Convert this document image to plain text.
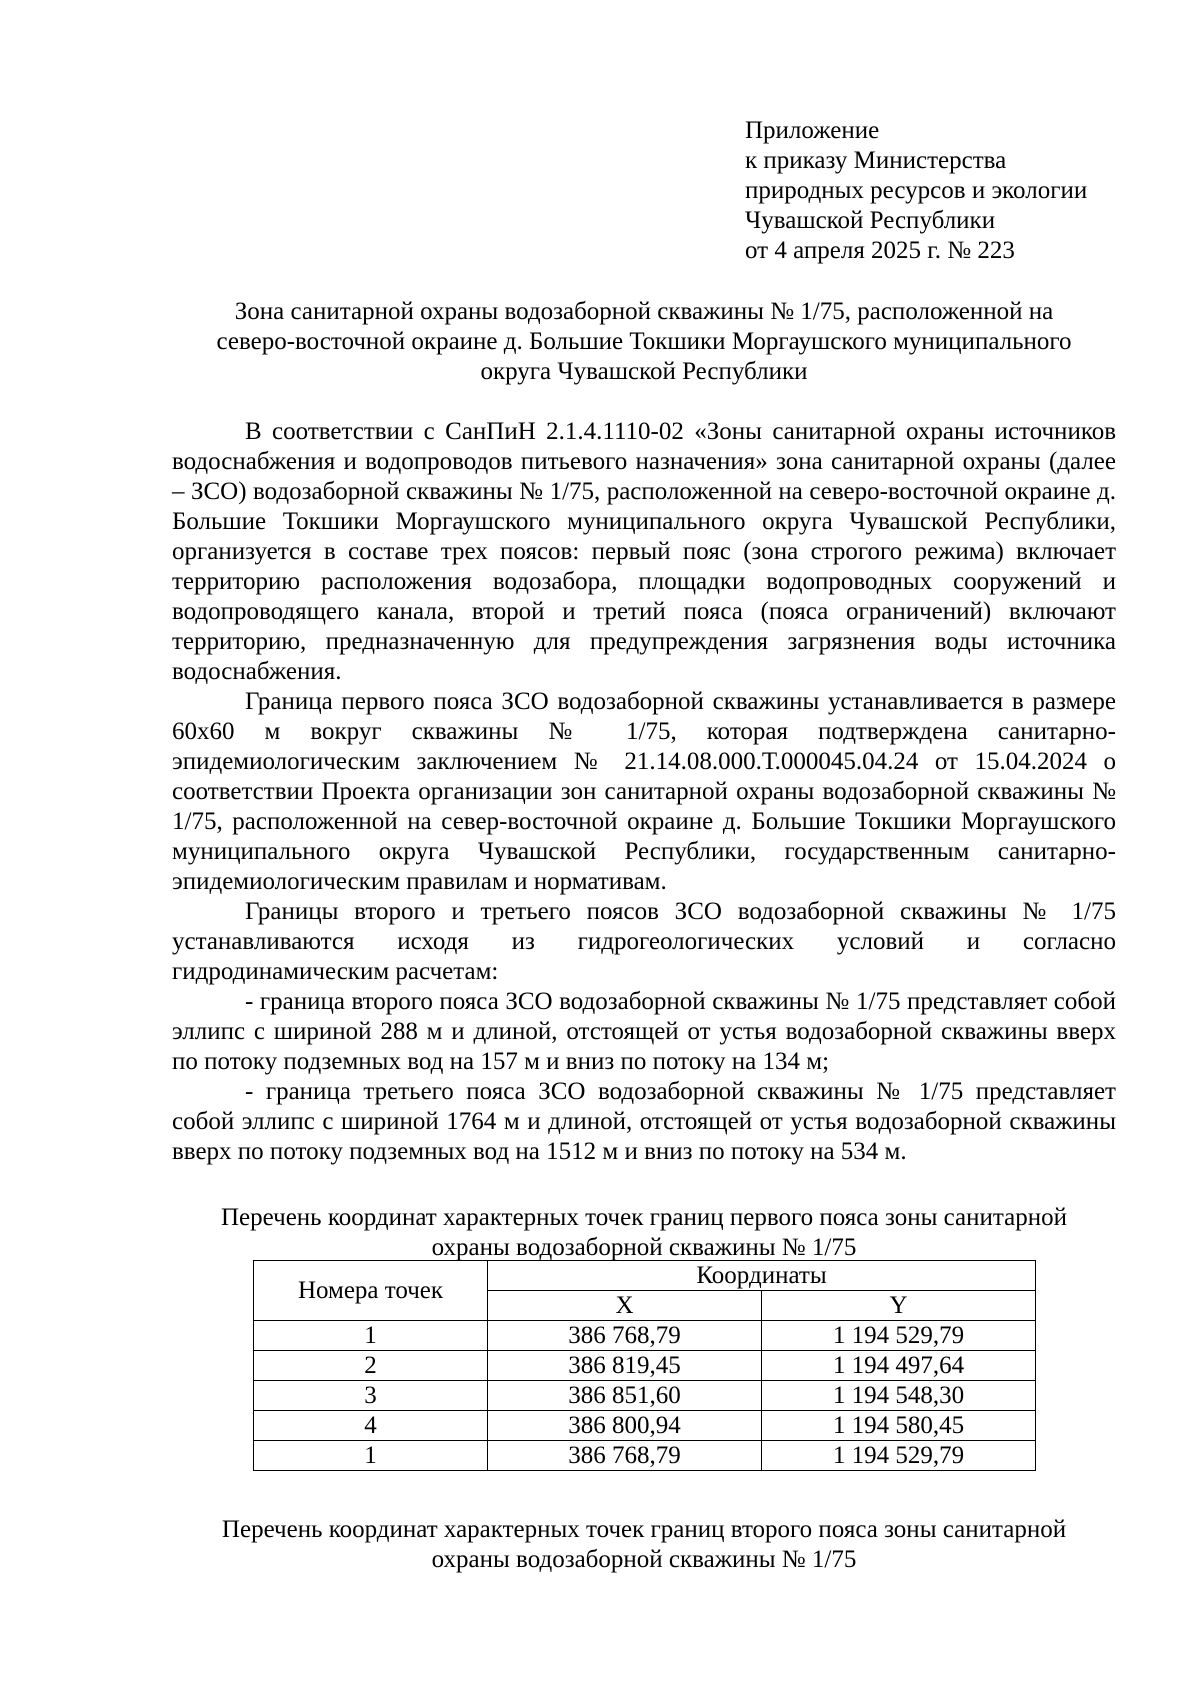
Приложение
к приказу Министерства
природных ресурсов и экологии
Чувашской Республики
от 4 апреля 2025 г. № 223
Зона санитарной охраны водозаборной скважины № 1/75, расположенной на
северо-восточной окраине д. Большие Токшики Моргаушского муниципального
округа Чувашской Республики

В соответствии с СанПиН 2.1.4.1110-02 «Зоны санитарной охраны источников водоснабжения и водопроводов питьевого назначения» зона санитарной охраны (далее – ЗСО) водозаборной скважины № 1/75, расположенной на северо-восточной окраине д. Большие Токшики Моргаушского муниципального округа Чувашской Республики, организуется в составе трех поясов: первый пояс (зона строгого режима) включает территорию расположения водозабора, площадки водопроводных сооружений и водопроводящего канала, второй и третий пояса (пояса ограничений) включают территорию, предназначенную для предупреждения загрязнения воды источника водоснабжения.

Граница первого пояса ЗСО водозаборной скважины устанавливается в размере 60х60 м вокруг скважины № 1/75, которая подтверждена санитарно-эпидемиологическим заключением № 21.14.08.000.Т.000045.04.24 от 15.04.2024 о соответствии Проекта организации зон санитарной охраны водозаборной скважины № 1/75, расположенной на север-восточной окраине д. Большие Токшики Моргаушского муниципального округа Чувашской Республики, государственным санитарно-эпидемиологическим правилам и нормативам.

Границы второго и третьего поясов ЗСО водозаборной скважины № 1/75 устанавливаются исходя из гидрогеологических условий и согласно гидродинамическим расчетам:

- граница второго пояса ЗСО водозаборной скважины № 1/75 представляет собой эллипс с шириной 288 м и длиной, отстоящей от устья водозаборной скважины вверх по потоку подземных вод на 157 м и вниз по потоку на 134 м;

- граница третьего пояса ЗСО водозаборной скважины № 1/75 представляет собой эллипс с шириной 1764 м и длиной, отстоящей от устья водозаборной скважины вверх по потоку подземных вод на 1512 м и вниз по потоку на 534 м.

Перечень координат характерных точек границ первого пояса зоны санитарной
охраны водозаборной скважины № 1/75
Номера точек	Координаты	
	X	Y
1	386 768,79	1 194 529,79
2	386 819,45	1 194 497,64
3	386 851,60	1 194 548,30
4	386 800,94	1 194 580,45
1	386 768,79	1 194 529,79
Перечень координат характерных точек границ второго пояса зоны санитарной
охраны водозаборной скважины № 1/75
